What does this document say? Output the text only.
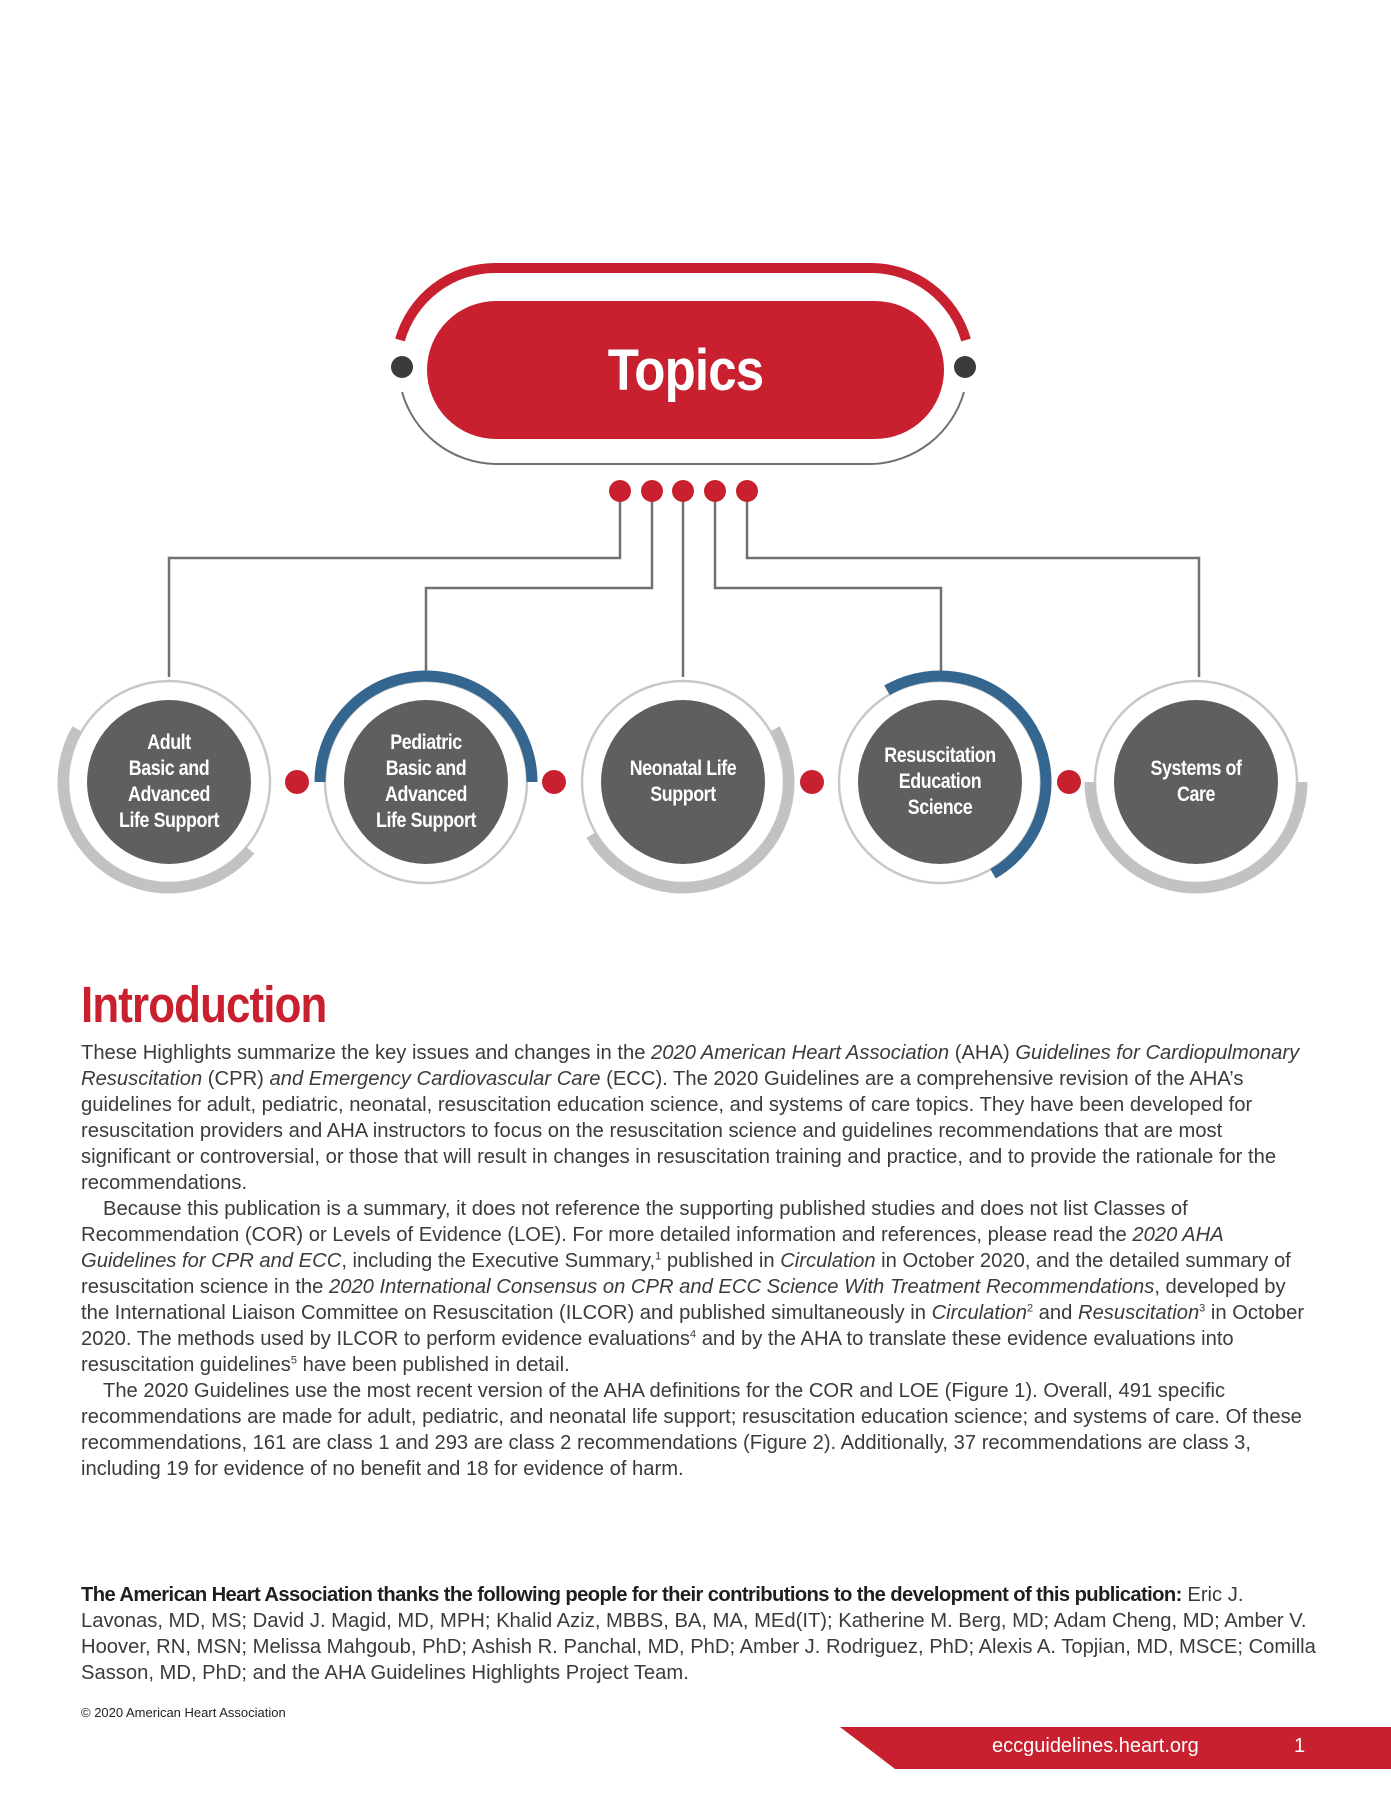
Topics
Adult
Basic and
Advanced
Life Support
Pediatric
Basic and
Advanced
Life Support
Neonatal Life
Support
Resuscitation
Education
Science
Systems of
Care
Introduction

These Highlights summarize the key issues and changes in the 2020 American Heart Association (AHA) Guidelines for Cardiopulmonary Resuscitation (CPR) and Emergency Cardiovascular Care (ECC). The 2020 Guidelines are a comprehensive revision of the AHA’s guidelines for adult, pediatric, neonatal, resuscitation education science, and systems of care topics. They have been developed for resuscitation providers and AHA instructors to focus on the resuscitation science and guidelines recommendations that are most significant or controversial, or those that will result in changes in resuscitation training and practice, and to provide the rationale for the recommendations.

Because this publication is a summary, it does not reference the supporting published studies and does not list Classes of Recommendation (COR) or Levels of Evidence (LOE). For more detailed information and references, please read the 2020 AHA Guidelines for CPR and ECC, including the Executive Summary,$^1$ published in Circulation in October 2020, and the detailed summary of resuscitation science in the 2020 International Consensus on CPR and ECC Science With Treatment Recommendations, developed by the International Liaison Committee on Resuscitation (ILCOR) and published simultaneously in Circulation$^2$ and Resuscitation$^3$ in October 2020. The methods used by ILCOR to perform evidence evaluations$^4$ and by the AHA to translate these evidence evaluations into resuscitation guidelines$^5$ have been published in detail.

The 2020 Guidelines use the most recent version of the AHA definitions for the COR and LOE (Figure 1). Overall, 491 specific recommendations are made for adult, pediatric, and neonatal life support; resuscitation education science; and systems of care. Of these recommendations, 161 are class 1 and 293 are class 2 recommendations (Figure 2). Additionally, 37 recommendations are class 3, including 19 for evidence of no benefit and 18 for evidence of harm.

The American Heart Association thanks the following people for their contributions to the development of this publication: Eric J. Lavonas, MD, MS; David J. Magid, MD, MPH; Khalid Aziz, MBBS, BA, MA, MEd(IT); Katherine M. Berg, MD; Adam Cheng, MD; Amber V. Hoover, RN, MSN; Melissa Mahgoub, PhD; Ashish R. Panchal, MD, PhD; Amber J. Rodriguez, PhD; Alexis A. Topjian, MD, MSCE; Comilla Sasson, MD, PhD; and the AHA Guidelines Highlights Project Team.
© 2020 American Heart Association
eccguidelines.heart.org	1
